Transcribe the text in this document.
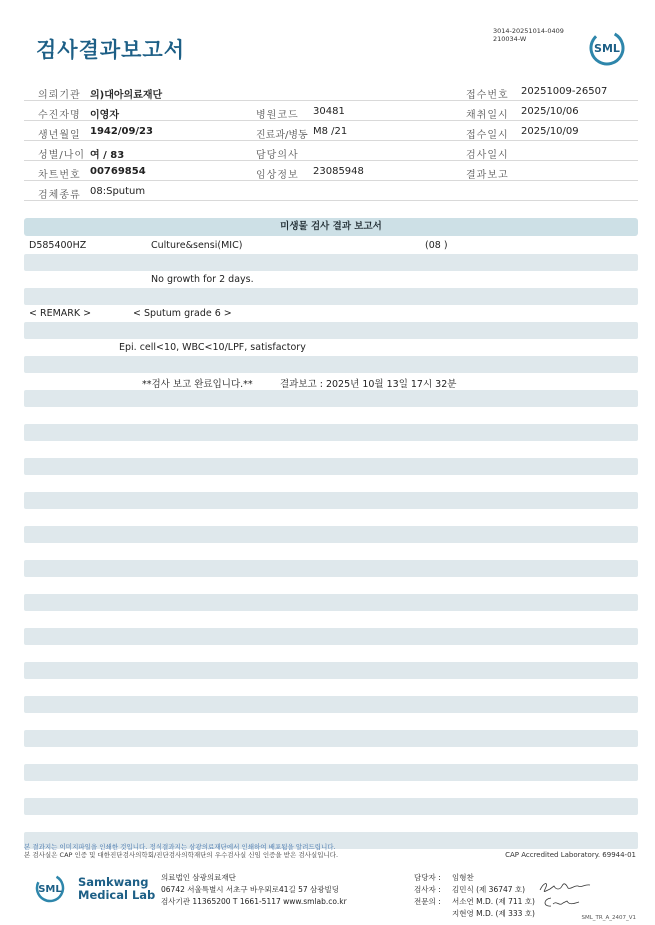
검사결과보고서
3014-20251014-0409
210034-W
SML
의뢰기관 의)대아의료재단	접수번호 20251009-26507
수진자명 이영자	병원코드 30481	채취일시 2025/10/06
생년월일 1942/09/23	진료과/병동 M8 /21	접수일시 2025/10/09
성별/나이 여 / 83	담당의사	검사일시
차트번호 00769854	임상정보 23085948	결과보고
검체종류 08:Sputum
미생물 검사 결과 보고서
D585400HZ	Culture&sensi(MIC)	(08 )
No growth for 2 days.
< REMARK >	< Sputum grade 6 >
Epi. cell<10, WBC<10/LPF, satisfactory
**검사 보고 완료입니다.**	결과보고 : 2025년 10월 13일 17시 32분
본 결과지는 이미지파일을 인쇄한 것입니다. 정식결과지는 삼광의료재단에서 인쇄하여 배포됨을 알려드립니다.
본 검사실은 CAP 인증 및 대한진단검사의학회/진단검사의학재단의 우수검사실 신임 인증을 받은 검사실입니다.	CAP Accredited Laboratory. 69944-01
SML
Samkwang
Medical Lab
의료법인 삼광의료재단
06742 서울특별시 서초구 바우뫼로41길 57 삼광빌딩
검사기관 11365200 T 1661-5117 www.smlab.co.kr
담당자 : 임형찬
검사자 : 김민식 (제 36747 호)
전문의 : 서소연 M.D. (제 711 호)
지현영 M.D. (제 333 호)	SML_TR_A_2407_V1
